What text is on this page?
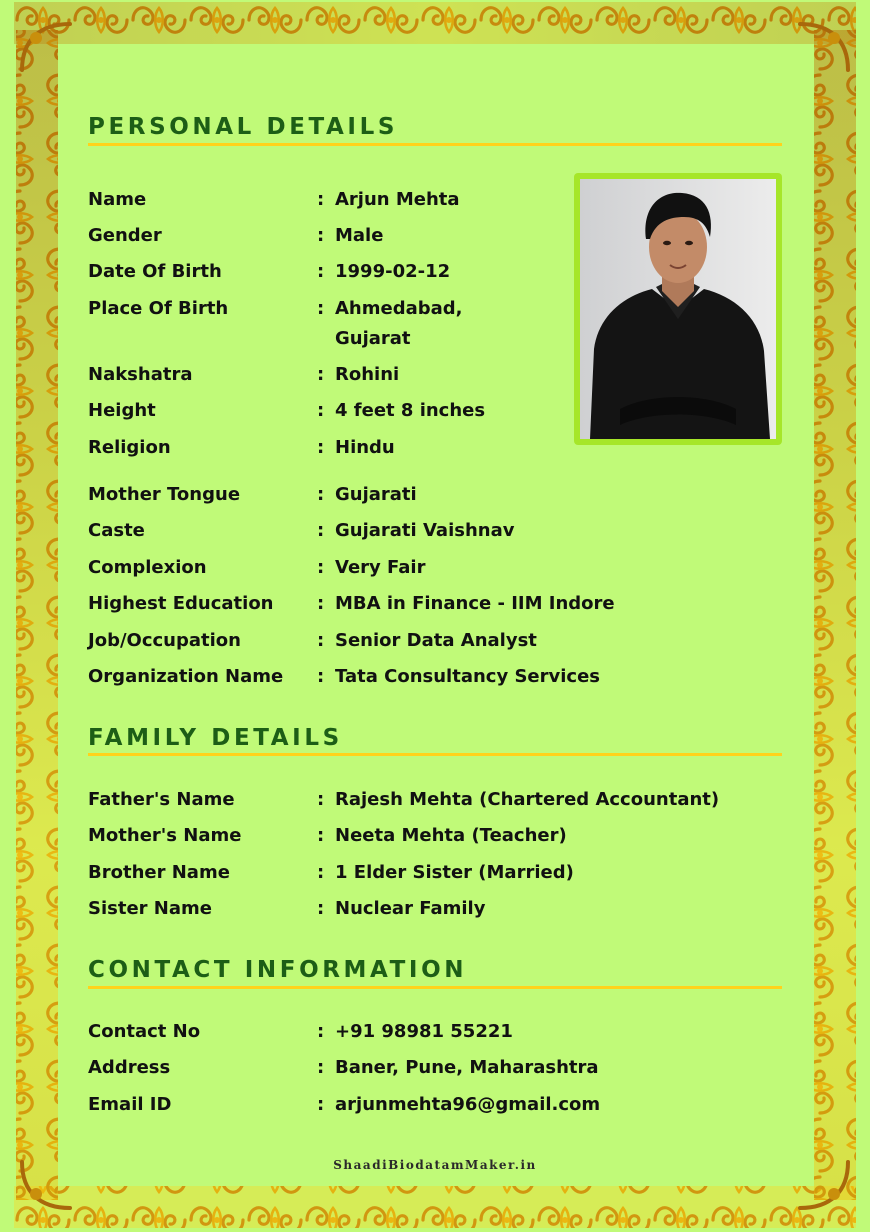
PERSONAL DETAILS
Name	: Arjun Mehta
Gender	: Male
Date Of Birth	: 1999-02-12
Place Of Birth	: Ahmedabad, Gujarat
Nakshatra	: Rohini
Height	: 4 feet 8 inches
Religion	: Hindu
Mother Tongue	: Gujarati
Caste	: Gujarati Vaishnav
Complexion	: Very Fair
Highest Education : MBA in Finance - IIM Indore
Job/Occupation	: Senior Data Analyst
Organization Name : Tata Consultancy Services
FAMILY DETAILS
Father's Name	: Rajesh Mehta (Chartered Accountant)
Mother's Name	: Neeta Mehta (Teacher)
Brother Name	: 1 Elder Sister (Married)
Sister Name	: Nuclear Family
CONTACT INFORMATION
Contact No	: +91 98981 55221
Address	: Baner, Pune, Maharashtra
Email ID	: arjunmehta96@gmail.com
ShaadiBiodatamMaker.in
